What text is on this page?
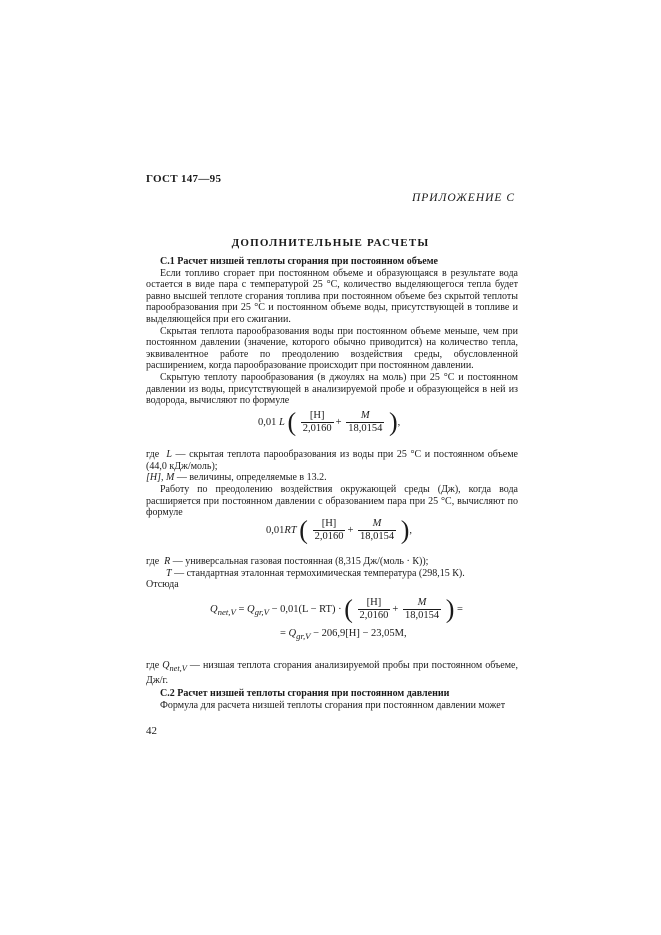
ГОСТ 147—95
ПРИЛОЖЕНИЕ С
ДОПОЛНИТЕЛЬНЫЕ РАСЧЕТЫ

С.1 Расчет низшей теплоты сгорания при постоянном объеме

Если топливо сгорает при постоянном объеме и образующаяся в результате вода остается в виде пара с температурой 25 °С, количество выделяющегося тепла будет равно высшей теплоте сгорания топлива при постоянном объеме без скрытой теплоты парообразования при 25 °С и постоянном объеме воды, присутствующей в топливе и выделяющейся при его сжигании.

Скрытая теплота парообразования воды при постоянном объеме меньше, чем при постоянном давлении (значение, которого обычно приводится) на количество тепла, эквивалентное работе по преодолению воздействия среды, обусловленной расширением, когда парообразование происходит при постоянном давлении.

Скрытую теплоту парообразования (в джоулях на моль) при 25 °С и постоянном давлении из воды, присутствующей в анализируемой пробе и образующейся в ней из водорода, вычисляют по формуле

0,01 L ( $\frac{[H]}{2,0160} + \frac{M}{18,0154}$ ),
где  L — скрытая теплота парообразования из воды при 25 °С и постоянном объеме (44,0 кДж/моль);
[H], M — величины, определяемые в 13.2.

Работу по преодолению воздействия окружающей среды (Дж), когда вода расширяется при постоянном давлении с образованием пара при 25 °С, вычисляют по формуле

0,01RT ( $\frac{[H]}{2,0160} + \frac{M}{18,0154}$ ),
где  R — универсальная газовая постоянная (8,315 Дж/(моль · К));
T — стандартная эталонная термохимическая температура (298,15 К).
Отсюда
$Q_{net,V} = Q_{gr,V} - 0,01(L - RT)$ · ( $\frac{[H]}{2,0160} + \frac{M}{18,0154}$ ) =
= $Q_{gr,V} - 206,9[H] - 23,05M$,
где $Q_{net,V}$ — низшая теплота сгорания анализируемой пробы при постоянном объеме, Дж/г.

С.2 Расчет низшей теплоты сгорания при постоянном давлении

Формула для расчета низшей теплоты сгорания при постоянном давлении может

42
